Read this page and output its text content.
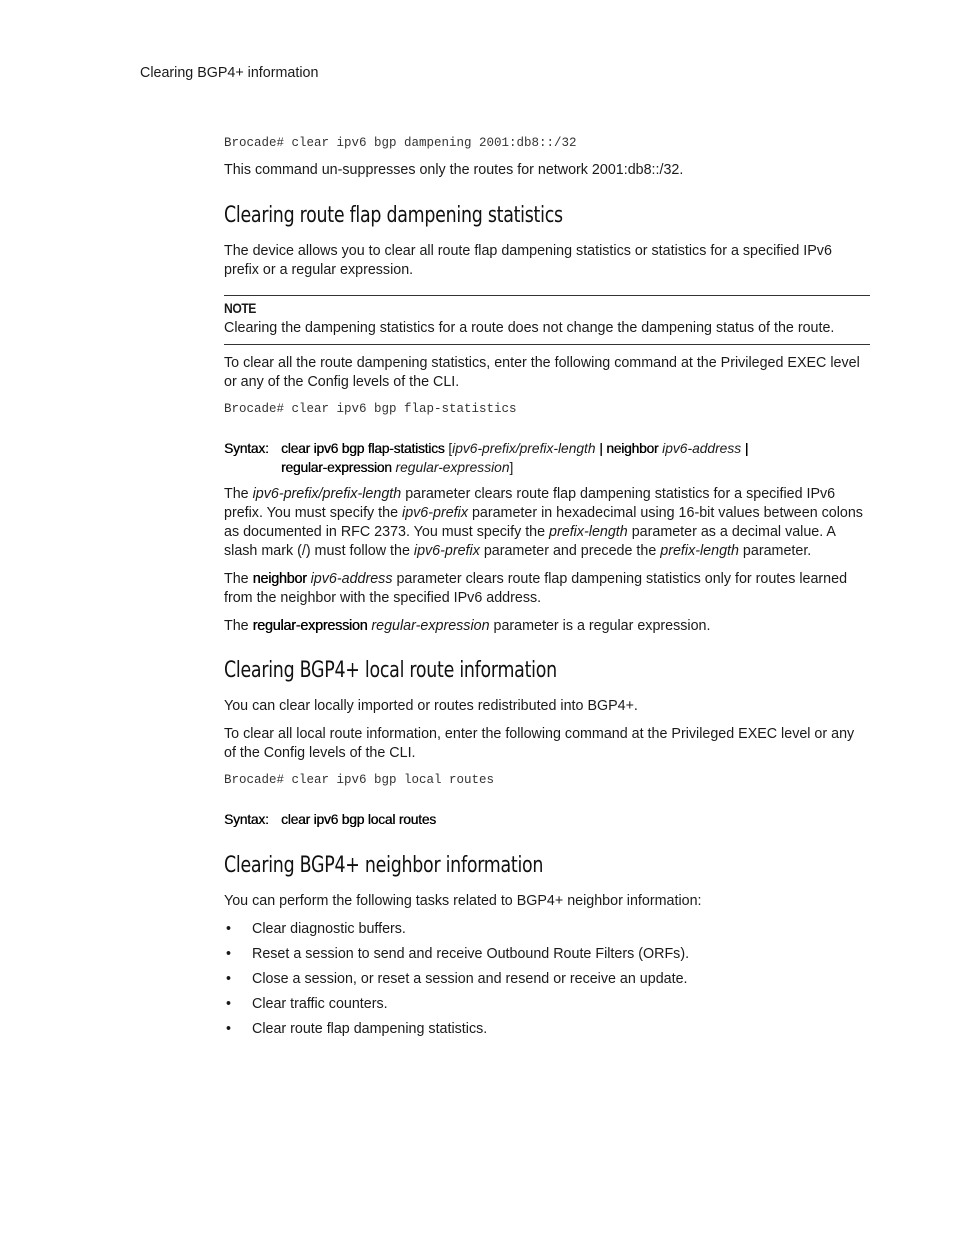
Clearing BGP4+ information
Brocade# clear ipv6 bgp dampening 2001:db8::/32

This command un-suppresses only the routes for network 2001:db8::/32.

Clearing route flap dampening statistics

The device allows you to clear all route flap dampening statistics or statistics for a specified IPv6 prefix or a regular expression.

NOTE
Clearing the dampening statistics for a route does not change the dampening status of the route.

To clear all the route dampening statistics, enter the following command at the Privileged EXEC level or any of the Config levels of the CLI.

Brocade# clear ipv6 bgp flap-statistics
Syntax: clear ipv6 bgp flap-statistics [ipv6-prefix/prefix-length | neighbor ipv6-address |
regular-expression regular-expression]

The ipv6-prefix/prefix-length parameter clears route flap dampening statistics for a specified IPv6 prefix. You must specify the ipv6-prefix parameter in hexadecimal using 16-bit values between colons as documented in RFC 2373. You must specify the prefix-length parameter as a decimal value. A slash mark (/) must follow the ipv6-prefix parameter and precede the prefix-length parameter.

The neighbor ipv6-address parameter clears route flap dampening statistics only for routes learned from the neighbor with the specified IPv6 address.

The regular-expression regular-expression parameter is a regular expression.

Clearing BGP4+ local route information

You can clear locally imported or routes redistributed into BGP4+.

To clear all local route information, enter the following command at the Privileged EXEC level or any of the Config levels of the CLI.

Brocade# clear ipv6 bgp local routes
Syntax: clear ipv6 bgp local routes
Clearing BGP4+ neighbor information

You can perform the following tasks related to BGP4+ neighbor information:

• Clear diagnostic buffers.
• Reset a session to send and receive Outbound Route Filters (ORFs).
• Close a session, or reset a session and resend or receive an update.
• Clear traffic counters.
• Clear route flap dampening statistics.
